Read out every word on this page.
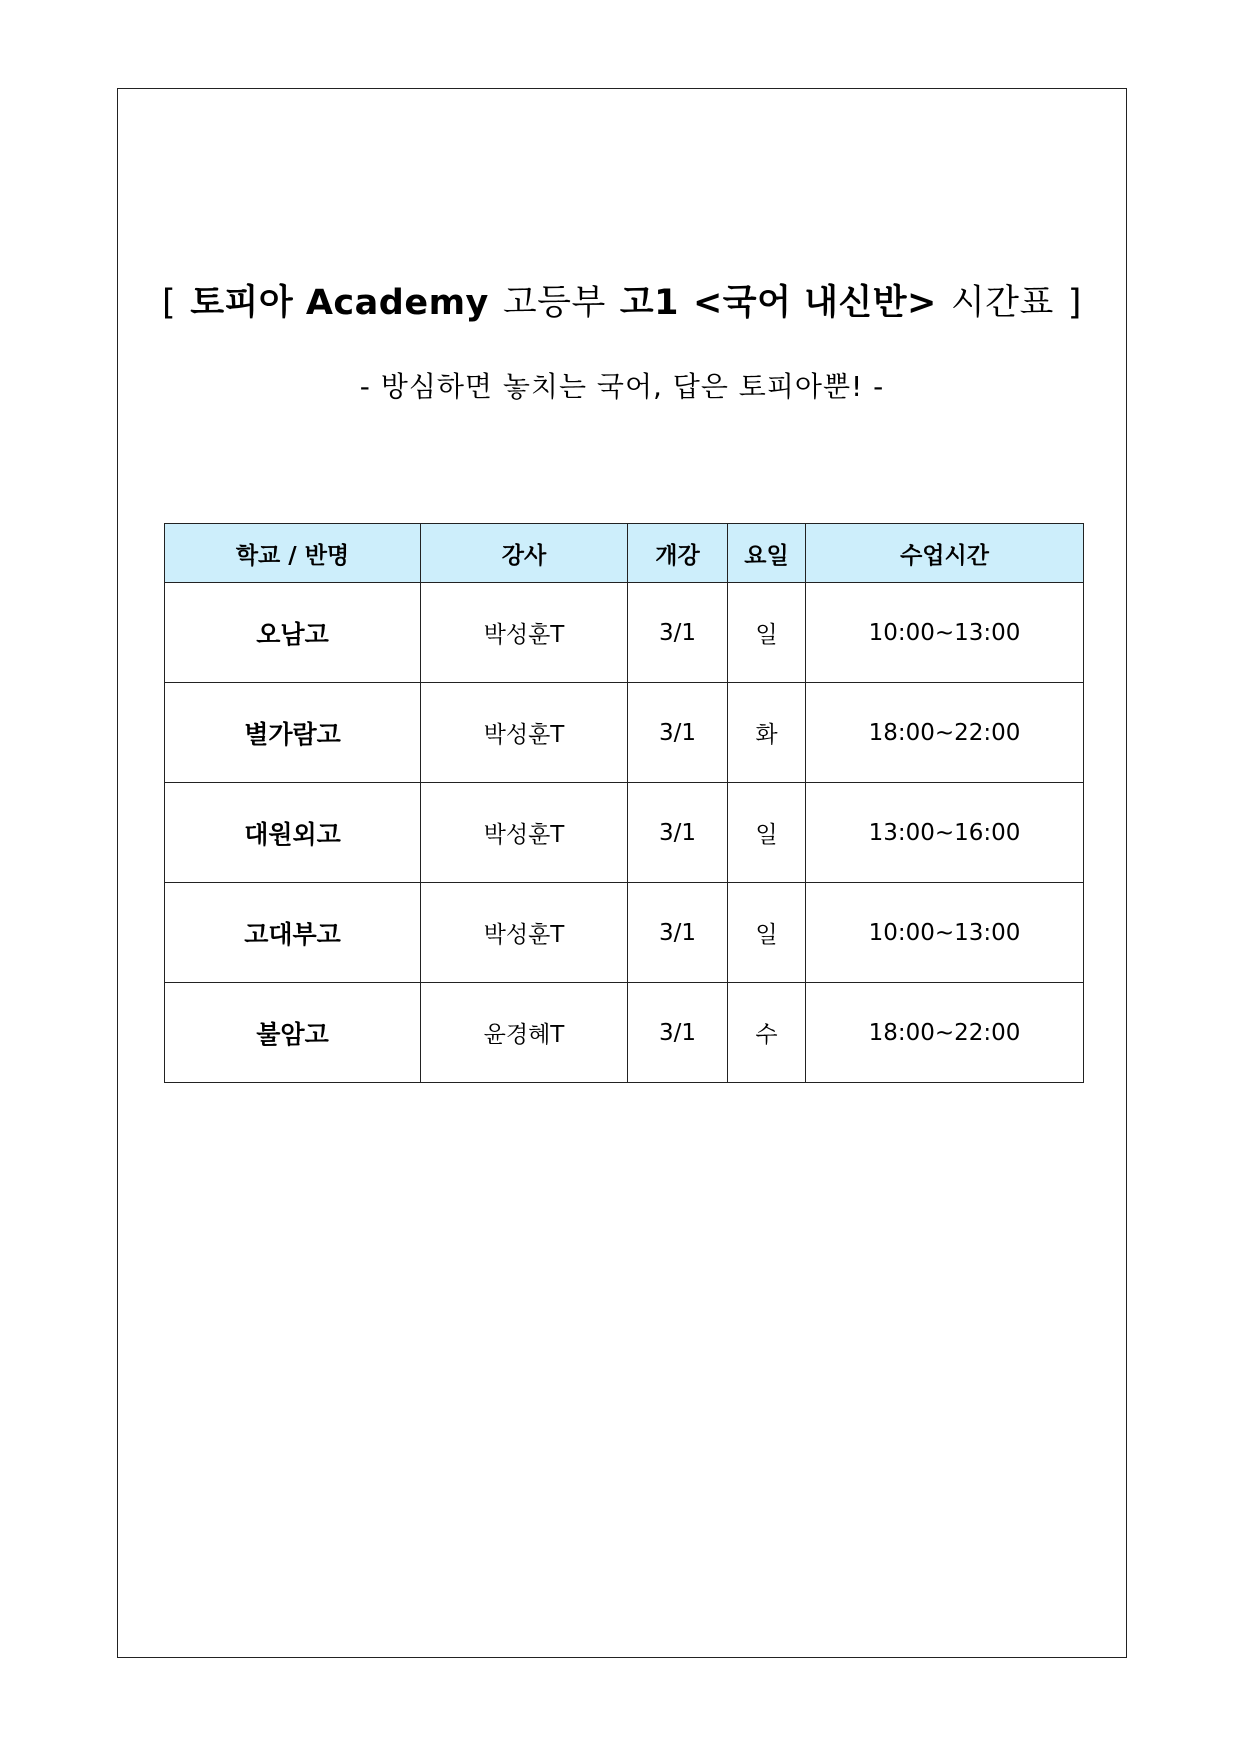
[ 토피아 Academy 고등부 고1 <국어 내신반> 시간표 ]
- 방심하면 놓치는 국어, 답은 토피아뿐! -
학교 / 반명	강사	개강	요일	수업시간
오남고	박성훈T	3/1	일	10:00~13:00
별가람고	박성훈T	3/1	화	18:00~22:00
대원외고	박성훈T	3/1	일	13:00~16:00
고대부고	박성훈T	3/1	일	10:00~13:00
불암고	윤경혜T	3/1	수	18:00~22:00
